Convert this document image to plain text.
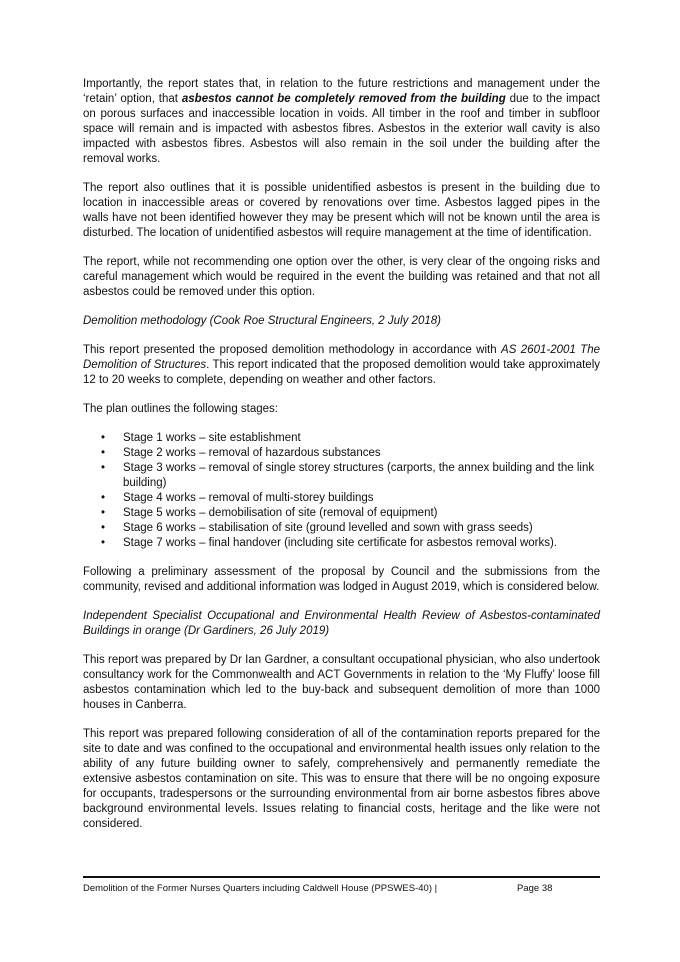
Importantly, the report states that, in relation to the future restrictions and management under the ‘retain’ option, that asbestos cannot be completely removed from the building due to the impact on porous surfaces and inaccessible location in voids. All timber in the roof and timber in subfloor space will remain and is impacted with asbestos fibres. Asbestos in the exterior wall cavity is also impacted with asbestos fibres. Asbestos will also remain in the soil under the building after the removal works.

The report also outlines that it is possible unidentified asbestos is present in the building due to location in inaccessible areas or covered by renovations over time. Asbestos lagged pipes in the walls have not been identified however they may be present which will not be known until the area is disturbed. The location of unidentified asbestos will require management at the time of identification.

The report, while not recommending one option over the other, is very clear of the ongoing risks and careful management which would be required in the event the building was retained and that not all asbestos could be removed under this option.

Demolition methodology (Cook Roe Structural Engineers, 2 July 2018)

This report presented the proposed demolition methodology in accordance with AS 2601-2001 The Demolition of Structures. This report indicated that the proposed demolition would take approximately 12 to 20 weeks to complete, depending on weather and other factors.

The plan outlines the following stages:

• Stage 1 works – site establishment
• Stage 2 works – removal of hazardous substances
• Stage 3 works – removal of single storey structures (carports, the annex building and the link building)
• Stage 4 works – removal of multi-storey buildings
• Stage 5 works – demobilisation of site (removal of equipment)
• Stage 6 works – stabilisation of site (ground levelled and sown with grass seeds)
• Stage 7 works – final handover (including site certificate for asbestos removal works).

Following a preliminary assessment of the proposal by Council and the submissions from the community, revised and additional information was lodged in August 2019, which is considered below.

Independent Specialist Occupational and Environmental Health Review of Asbestos-contaminated Buildings in orange (Dr Gardiners, 26 July 2019)

This report was prepared by Dr Ian Gardner, a consultant occupational physician, who also undertook consultancy work for the Commonwealth and ACT Governments in relation to the ‘My Fluffy’ loose fill asbestos contamination which led to the buy-back and subsequent demolition of more than 1000 houses in Canberra.

This report was prepared following consideration of all of the contamination reports prepared for the site to date and was confined to the occupational and environmental health issues only relation to the ability of any future building owner to safely, comprehensively and permanently remediate the extensive asbestos contamination on site. This was to ensure that there will be no ongoing exposure for occupants, tradespersons or the surrounding environmental from air borne asbestos fibres above background environmental levels. Issues relating to financial costs, heritage and the like were not considered.

Demolition of the Former Nurses Quarters including Caldwell House (PPSWES-40) |	Page 38
